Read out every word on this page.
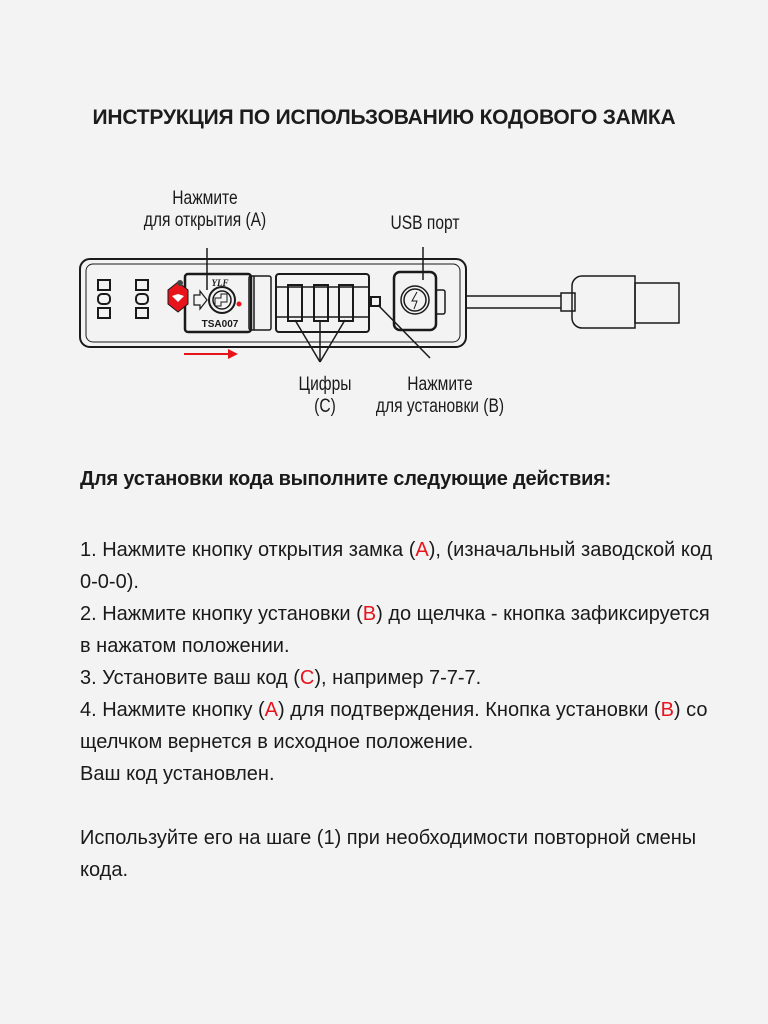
ИНСТРУКЦИЯ ПО ИСПОЛЬЗОВАНИЮ КОДОВОГО ЗАМКА
Нажмите
для открытия (A)	USB порт
Цифры
(C)
Нажмите
для установки (B)
YLF
TSA007
Для установки кода выполните следующие действия:

1. Нажмите кнопку открытия замка (A), (изначальный заводской код 0-0-0).

2. Нажмите кнопку установки (B) до щелчка - кнопка зафиксируется в нажатом положении.

3. Установите ваш код (C), например 7-7-7.

4. Нажмите кнопку (A) для подтверждения. Кнопка установки (B) со щелчком вернется в исходное положение.

Ваш код установлен.

Используйте его на шаге (1) при необходимости повторной смены кода.
